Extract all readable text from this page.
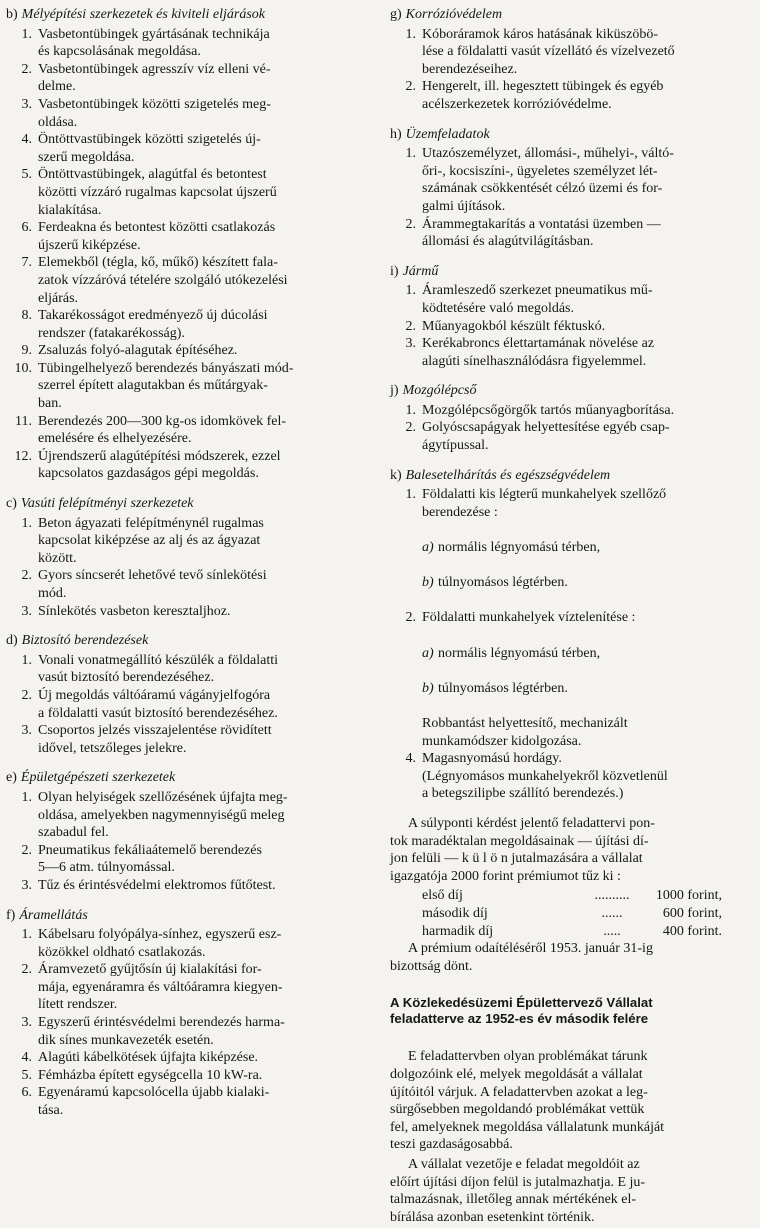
b) Mélyépítési szerkezetek és kiviteli eljárások
1. Vasbetontübingek gyártásának technikája
és kapcsolásának megoldása.
2. Vasbetontübingek agresszív víz elleni vé-
delme.
3. Vasbetontübingek közötti szigetelés meg-
oldása.
4. Öntöttvastübingek közötti szigetelés új-
szerű megoldása.
5. Öntöttvastübingek, alagútfal és betontest
közötti vízzáró rugalmas kapcsolat újszerű
kialakítása.
6. Ferdeakna és betontest közötti csatlakozás
újszerű kiképzése.
7. Elemekből (tégla, kő, műkő) készített fala-
zatok vízzáróvá tételére szolgáló utókezelési
eljárás.
8. Takarékosságot eredményező új dúcolási
rendszer (fatakarékosság).
9. Zsaluzás folyó-alagutak építéséhez.
10. Tübingelhelyező berendezés bányászati mód-
szerrel épített alagutakban és műtárgyak-
ban.
11. Berendezés 200—300 kg-os idomkövek fel-
emelésére és elhelyezésére.
12. Újrendszerű alagútépítési módszerek, ezzel
kapcsolatos gazdaságos gépi megoldás.
c) Vasúti felépítményi szerkezetek
1. Beton ágyazati felépítménynél rugalmas
kapcsolat kiképzése az alj és az ágyazat
között.
2. Gyors síncserét lehetővé tevő sínlekötési
mód.
3. Sínlekötés vasbeton keresztaljhoz.
d) Biztosító berendezések
1. Vonali vonatmegállító készülék a földalatti
vasút biztosító berendezéséhez.
2. Új megoldás váltóáramú vágányjelfogóra
a földalatti vasút biztosító berendezéséhez.
3. Csoportos jelzés visszajelentése rövidített
idővel, tetszőleges jelekre.
e) Épületgépészeti szerkezetek
1. Olyan helyiségek szellőzésének újfajta meg-
oldása, amelyekben nagymennyiségű meleg
szabadul fel.
2. Pneumatikus fekáliaátemelő berendezés
5—6 atm. túlnyomással.
3. Tűz és érintésvédelmi elektromos fűtőtest.
f) Áramellátás
1. Kábelsaru folyópálya-sínhez, egyszerű esz-
közökkel oldható csatlakozás.
2. Áramvezető gyűjtősín új kialakítási for-
mája, egyenáramra és váltóáramra kiegyen-
lített rendszer.
3. Egyszerű érintésvédelmi berendezés harma-
dik sínes munkavezeték esetén.
4. Alagúti kábelkötések újfajta kiképzése.
5. Fémházba épített egységcella 10 kW-ra.
6. Egyenáramú kapcsolócella újabb kialaki-
tása.
g) Korrózióvédelem
1. Kóboráramok káros hatásának kiküszöbö-
lése a földalatti vasút vízellátó és vízelvezető
berendezéseihez.
2. Hengerelt, ill. hegesztett tübingek és egyéb
acélszerkezetek korrózióvédelme.
h) Üzemfeladatok
1. Utazószemélyzet, állomási-, műhelyi-, váltó-
őri-, kocsiszíni-, ügyeletes személyzet lét-
számának csökkentését célzó üzemi és for-
galmi újítások.
2. Árammegtakarítás a vontatási üzemben —
állomási és alagútvilágításban.
i) Jármű
1. Áramleszedő szerkezet pneumatikus mű-
ködtetésére való megoldás.
2. Műanyagokból készült féktuskó.
3. Kerékabroncs élettartamának növelése az
alagúti sínelhasználódásra figyelemmel.
j) Mozgólépcső
1. Mozgólépcsőgörgők tartós műanyagborítása.
2. Golyóscsapágyak helyettesítése egyéb csap-
ágytípussal.
k) Balesetelhárítás és egészségvédelem
1. Földalatti kis légterű munkahelyek szellőző
berendezése :

a) normális légnyomású térben,

b) túlnyomásos légtérben.

2. Földalatti munkahelyek víztelenítése :

a) normális légnyomású térben,

b) túlnyomásos légtérben.

Robbantást helyettesítő, mechanizált
munkamódszer kidolgozása.
4. Magasnyomású hordágy.
(Légnyomásos munkahelyekről közvetlenül
a betegszilipbe szállító berendezés.)
A súlyponti kérdést jelentő feladattervi pon-
tok maradéktalan megoldásainak — újítási dí-
jon felüli — k ü l ö n jutalmazására a vállalat
igazgatója 2000 forint prémiumot tűz ki :
első díj	..........	1000 forint,
második díj	......	600 forint,
harmadik díj	.....	400 forint.
A prémium odaítéléséről 1953. január 31-ig
bizottság dönt.
A Közlekedésüzemi Épülettervező Vállalat
feladatterve az 1952-es év második felére
E feladattervben olyan problémákat tárunk
dolgozóink elé, melyek megoldását a vállalat
újítóitól várjuk. A feladattervben azokat a leg-
sürgősebben megoldandó problémákat vettük
fel, amelyeknek megoldása vállalatunk munkáját
teszi gazdaságosabbá.
A vállalat vezetője e feladat megoldóit az
előírt újítási díjon felül is jutalmazhatja. E ju-
talmazásnak, illetőleg annak mértékének el-
bírálása azonban esetenkint történik.
